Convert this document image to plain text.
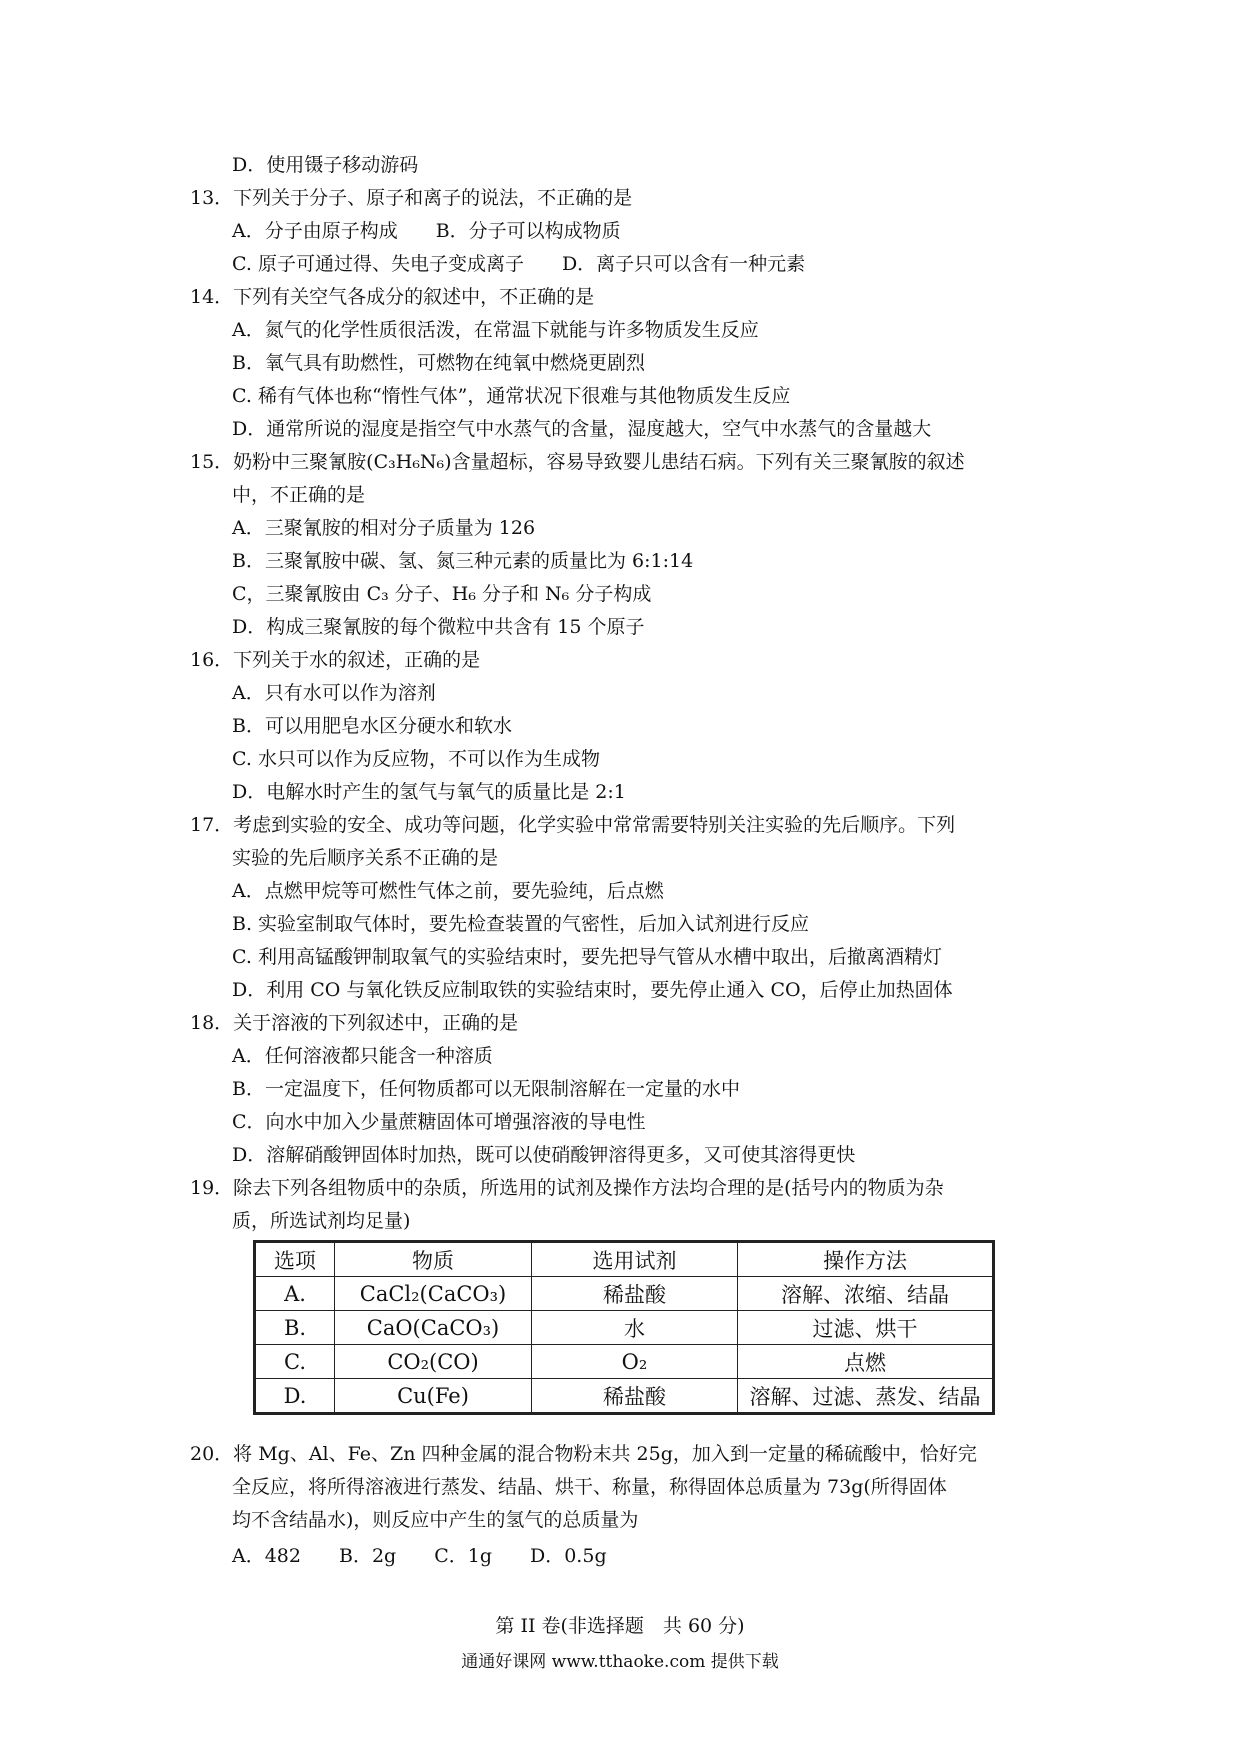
D．使用镊子移动游码
13．下列关于分子、原子和离子的说法，不正确的是
A．分子由原子构成　　B．分子可以构成物质
C. 原子可通过得、失电子变成离子　　D．离子只可以含有一种元素
14．下列有关空气各成分的叙述中，不正确的是
A．氮气的化学性质很活泼，在常温下就能与许多物质发生反应
B．氧气具有助燃性，可燃物在纯氧中燃烧更剧烈
C. 稀有气体也称“惰性气体”，通常状况下很难与其他物质发生反应
D．通常所说的湿度是指空气中水蒸气的含量，湿度越大，空气中水蒸气的含量越大
15．奶粉中三聚氰胺(C₃H₆N₆)含量超标，容易导致婴儿患结石病。下列有关三聚氰胺的叙述
中，不正确的是
A．三聚氰胺的相对分子质量为 126
B．三聚氰胺中碳、氢、氮三种元素的质量比为 6:1:14
C，三聚氰胺由 C₃ 分子、H₆ 分子和 N₆ 分子构成
D．构成三聚氰胺的每个微粒中共含有 15 个原子
16．下列关于水的叙述，正确的是
A．只有水可以作为溶剂
B．可以用肥皂水区分硬水和软水
C. 水只可以作为反应物，不可以作为生成物
D．电解水时产生的氢气与氧气的质量比是 2:1
17．考虑到实验的安全、成功等问题，化学实验中常常需要特别关注实验的先后顺序。下列
实验的先后顺序关系不正确的是
A．点燃甲烷等可燃性气体之前，要先验纯，后点燃
B. 实验室制取气体时，要先检查装置的气密性，后加入试剂进行反应
C. 利用高锰酸钾制取氧气的实验结束时，要先把导气管从水槽中取出，后撤离酒精灯
D．利用 CO 与氧化铁反应制取铁的实验结束时，要先停止通入 CO，后停止加热固体
18．关于溶液的下列叙述中，正确的是
A．任何溶液都只能含一种溶质
B．一定温度下，任何物质都可以无限制溶解在一定量的水中
C．向水中加入少量蔗糖固体可增强溶液的导电性
D．溶解硝酸钾固体时加热，既可以使硝酸钾溶得更多，又可使其溶得更快
19．除去下列各组物质中的杂质，所选用的试剂及操作方法均合理的是(括号内的物质为杂
质，所选试剂均足量)
选项	物质	选用试剂	操作方法
A.	CaCl₂(CaCO₃)	稀盐酸	溶解、浓缩、结晶
B.	CaO(CaCO₃)	水	过滤、烘干
C.	CO₂(CO)	O₂	点燃
D.	Cu(Fe)	稀盐酸	溶解、过滤、蒸发、结晶
20．将 Mg、Al、Fe、Zn 四种金属的混合物粉末共 25g，加入到一定量的稀硫酸中，恰好完
全反应，将所得溶液进行蒸发、结晶、烘干、称量，称得固体总质量为 73g(所得固体
均不含结晶水)，则反应中产生的氢气的总质量为
A．482　　B．2g　　C．1g　　D．0.5g
第 II 卷(非选择题　共 60 分)
通通好课网 www.tthaoke.com 提供下载
